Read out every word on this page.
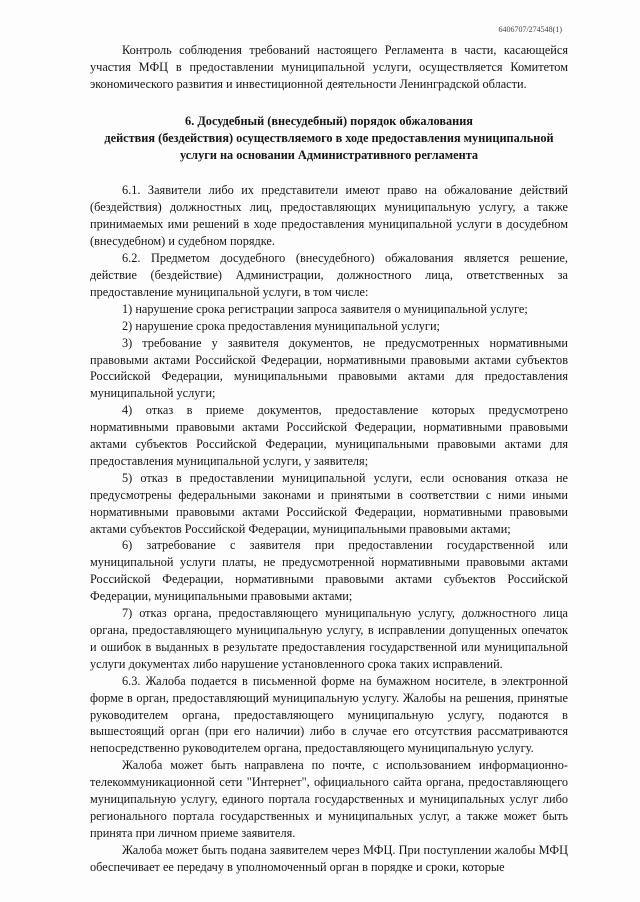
6406707/274548(1)

Контроль соблюдения требований настоящего Регламента в части, касающейся участия МФЦ в предоставлении муниципальной услуги, осуществляется Комитетом экономического развития и инвестиционной деятельности Ленинградской области.

6. Досудебный (внесудебный) порядок обжалования
действия (бездействия) осуществляемого в ходе предоставления муниципальной
услуги на основании Административного регламента

6.1. Заявители либо их представители имеют право на обжалование действий (бездействия) должностных лиц, предоставляющих муниципальную услугу, а также принимаемых ими решений в ходе предоставления муниципальной услуги в досудебном (внесудебном) и судебном порядке.

6.2. Предметом досудебного (внесудебного) обжалования является решение, действие (бездействие) Администрации, должностного лица, ответственных за предоставление муниципальной услуги, в том числе:

1) нарушение срока регистрации запроса заявителя о муниципальной услуге;

2) нарушение срока предоставления муниципальной услуги;

3) требование у заявителя документов, не предусмотренных нормативными правовыми актами Российской Федерации, нормативными правовыми актами субъектов Российской Федерации, муниципальными правовыми актами для предоставления муниципальной услуги;

4) отказ в приеме документов, предоставление которых предусмотрено нормативными правовыми актами Российской Федерации, нормативными правовыми актами субъектов Российской Федерации, муниципальными правовыми актами для предоставления муниципальной услуги, у заявителя;

5) отказ в предоставлении муниципальной услуги, если основания отказа не предусмотрены федеральными законами и принятыми в соответствии с ними иными нормативными правовыми актами Российской Федерации, нормативными правовыми актами субъектов Российской Федерации, муниципальными правовыми актами;

6) затребование с заявителя при предоставлении государственной или муниципальной услуги платы, не предусмотренной нормативными правовыми актами Российской Федерации, нормативными правовыми актами субъектов Российской Федерации, муниципальными правовыми актами;

7) отказ органа, предоставляющего муниципальную услугу, должностного лица органа, предоставляющего муниципальную услугу, в исправлении допущенных опечаток и ошибок в выданных в результате предоставления государственной или муниципальной услуги документах либо нарушение установленного срока таких исправлений.

6.3. Жалоба подается в письменной форме на бумажном носителе, в электронной форме в орган, предоставляющий муниципальную услугу. Жалобы на решения, принятые руководителем органа, предоставляющего муниципальную услугу, подаются в вышестоящий орган (при его наличии) либо в случае его отсутствия рассматриваются непосредственно руководителем органа, предоставляющего муниципальную услугу.

Жалоба может быть направлена по почте, с использованием информационно-телекоммуникационной сети "Интернет", официального сайта органа, предоставляющего муниципальную услугу, единого портала государственных и муниципальных услуг либо регионального портала государственных и муниципальных услуг, а также может быть принята при личном приеме заявителя.

Жалоба может быть подана заявителем через МФЦ. При поступлении жалобы МФЦ обеспечивает ее передачу в уполномоченный орган в порядке и сроки, которые
